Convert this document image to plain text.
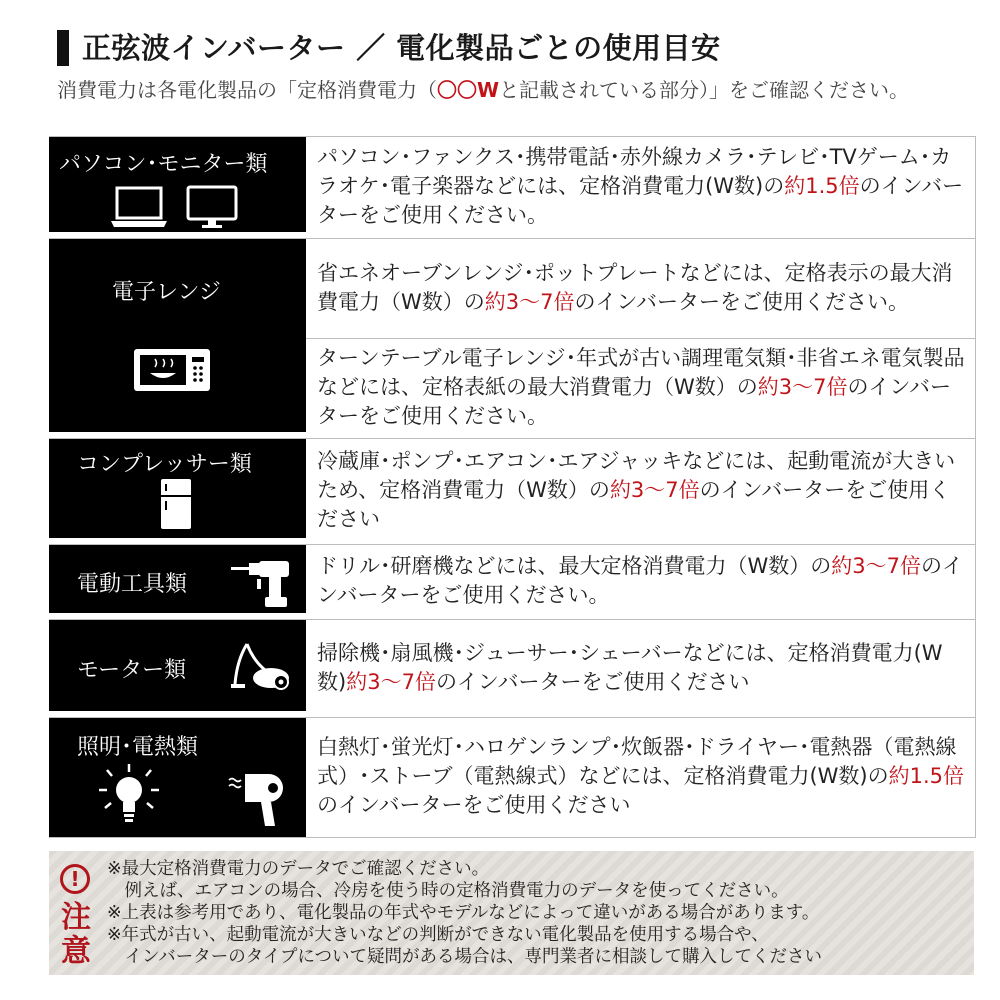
正弦波インバーター ／ 電化製品ごとの使用目安
消費電力は各電化製品の「定格消費電力（〇〇Wと記載されている部分）」をご確認ください。
パソコン･モニター類 パソコン･ファンクス･携帯電話･赤外線カメラ･テレビ･TVゲーム･カラオケ･電子楽器などには、定格消費電力(W数)の約1.5倍のインバーターをご使用ください。

電子レンジ

省エネオーブンレンジ･ポットプレートなどには、定格表示の最大消費電力（W数）の約3～7倍のインバーターをご使用ください。

ターンテーブル電子レンジ･年式が古い調理電気類･非省エネ電気製品などには、定格表紙の最大消費電力（W数）の約3～7倍のインバーターをご使用ください。

コンプレッサー類	冷蔵庫･ポンプ･エアコン･エアジャッキなどには、起動電流が大きいため、定格消費電力（W数）の約3～7倍のインバーターをご使用ください

電動工具類

ドリル･研磨機などには、最大定格消費電力（W数）の約3～7倍のインバーターをご使用ください。

モーター類

掃除機･扇風機･ジューサー･シェーバーなどには、定格消費電力(W数)約3～7倍のインバーターをご使用ください

照明･電熱類	白熱灯･蛍光灯･ハロゲンランプ･炊飯器･ドライヤー･電熱器（電熱線式）･ストーブ（電熱線式）などには、定格消費電力(W数)の約1.5倍のインバーターをご使用ください

!
注
意
※最大定格消費電力のデータでご確認ください。
　例えば、エアコンの場合、冷房を使う時の定格消費電力のデータを使ってください。
※上表は参考用であり、電化製品の年式やモデルなどによって違いがある場合があります。
※年式が古い、起動電流が大きいなどの判断ができない電化製品を使用する場合や、
　インバーターのタイプについて疑問がある場合は、専門業者に相談して購入してください
